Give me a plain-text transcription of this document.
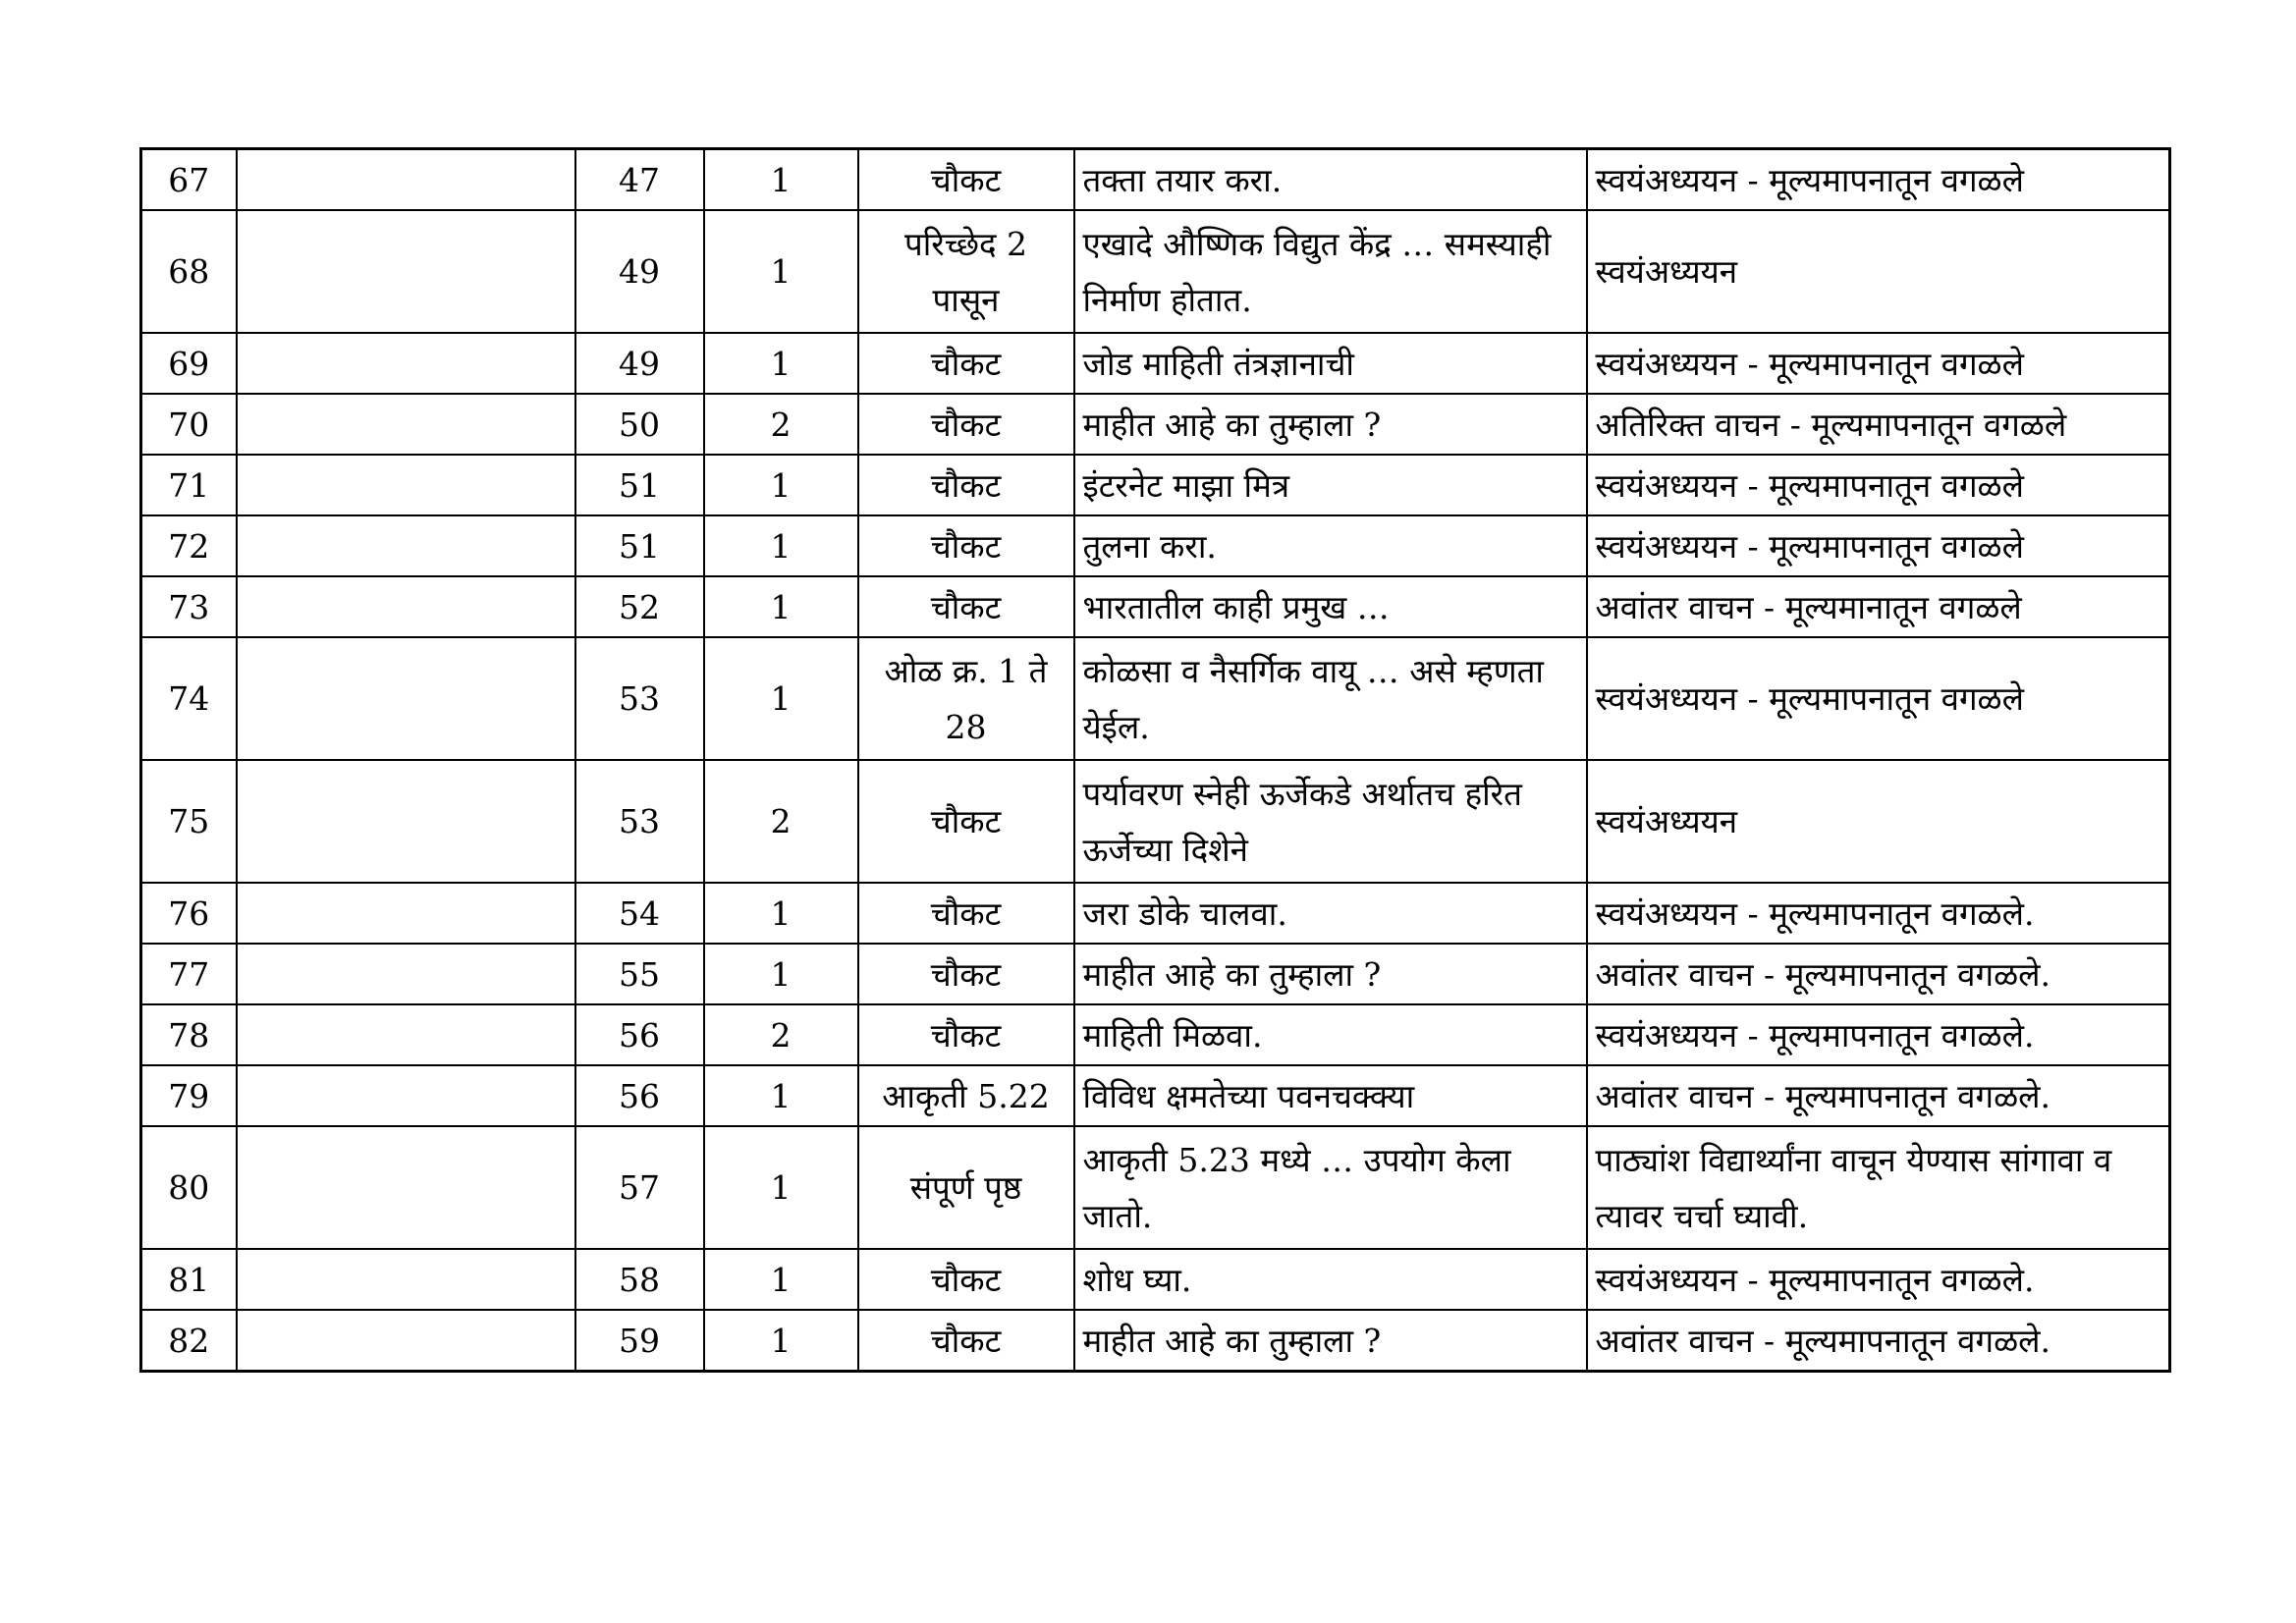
67		47	1	चौकट	तक्ता तयार करा.	स्वयंअध्ययन - मूल्यमापनातून वगळले
68		49	1	परिच्छेद 2 पासून	एखादे औष्णिक विद्युत केंद्र … समस्याही निर्माण होतात.	स्वयंअध्ययन
69		49	1	चौकट	जोड माहिती तंत्रज्ञानाची	स्वयंअध्ययन - मूल्यमापनातून वगळले
70		50	2	चौकट	माहीत आहे का तुम्हाला ?	अतिरिक्त वाचन - मूल्यमापनातून वगळले
71		51	1	चौकट	इंटरनेट माझा मित्र	स्वयंअध्ययन - मूल्यमापनातून वगळले
72		51	1	चौकट	तुलना करा.	स्वयंअध्ययन - मूल्यमापनातून वगळले
73		52	1	चौकट	भारतातील काही प्रमुख …	अवांतर वाचन - मूल्यमानातून वगळले
74		53	1	ओळ क्र. 1 ते 28	कोळसा व नैसर्गिक वायू … असे म्हणता येईल.	स्वयंअध्ययन - मूल्यमापनातून वगळले
75		53	2	चौकट	पर्यावरण स्नेही ऊर्जेकडे अर्थातच हरित ऊर्जेच्या दिशेने	स्वयंअध्ययन
76		54	1	चौकट	जरा डोके चालवा.	स्वयंअध्ययन - मूल्यमापनातून वगळले.
77		55	1	चौकट	माहीत आहे का तुम्हाला ?	अवांतर वाचन - मूल्यमापनातून वगळले.
78		56	2	चौकट	माहिती मिळवा.	स्वयंअध्ययन - मूल्यमापनातून वगळले.
79		56	1	आकृती 5.22	विविध क्षमतेच्या पवनचक्क्या	अवांतर वाचन - मूल्यमापनातून वगळले.
80		57	1	संपूर्ण पृष्ठ	आकृती 5.23 मध्ये … उपयोग केला जातो.	पाठ्यांश विद्यार्थ्यांना वाचून येण्यास सांगावा व त्यावर चर्चा घ्यावी.
81		58	1	चौकट	शोध घ्या.	स्वयंअध्ययन - मूल्यमापनातून वगळले.
82		59	1	चौकट	माहीत आहे का तुम्हाला ?	अवांतर वाचन - मूल्यमापनातून वगळले.
